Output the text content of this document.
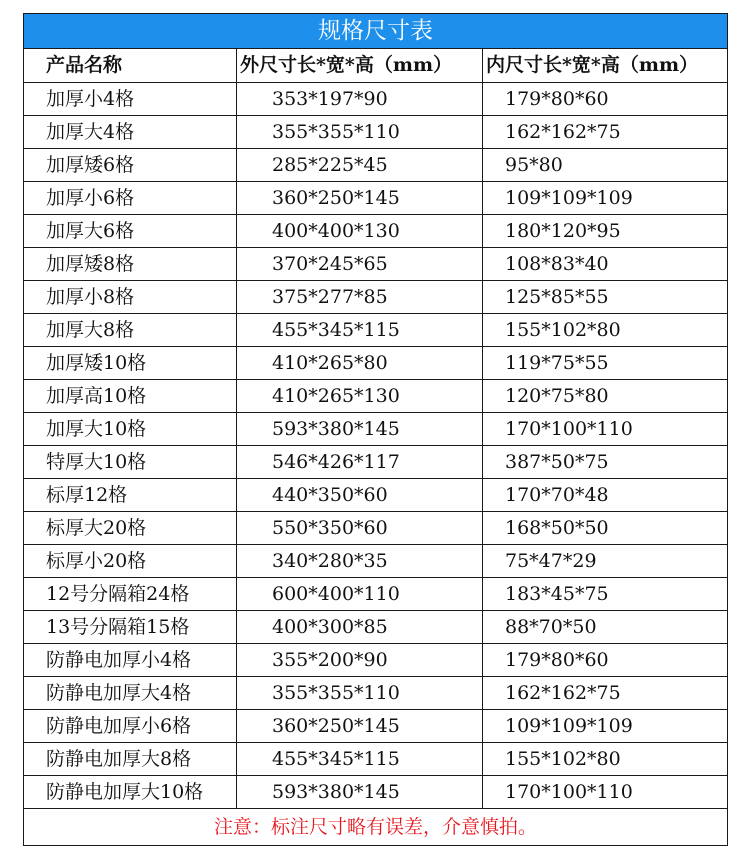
规格尺寸表		
产品名称	外尺寸长*宽*高（mm）	内尺寸长*宽*高（mm）
加厚小4格	353*197*90	179*80*60
加厚大4格	355*355*110	162*162*75
加厚矮6格	285*225*45	95*80
加厚小6格	360*250*145	109*109*109
加厚大6格	400*400*130	180*120*95
加厚矮8格	370*245*65	108*83*40
加厚小8格	375*277*85	125*85*55
加厚大8格	455*345*115	155*102*80
加厚矮10格	410*265*80	119*75*55
加厚高10格	410*265*130	120*75*80
加厚大10格	593*380*145	170*100*110
特厚大10格	546*426*117	387*50*75
标厚12格	440*350*60	170*70*48
标厚大20格	550*350*60	168*50*50
标厚小20格	340*280*35	75*47*29
12号分隔箱24格	600*400*110	183*45*75
13号分隔箱15格	400*300*85	88*70*50
防静电加厚小4格	355*200*90	179*80*60
防静电加厚大4格	355*355*110	162*162*75
防静电加厚小6格	360*250*145	109*109*109
防静电加厚大8格	455*345*115	155*102*80
防静电加厚大10格	593*380*145	170*100*110
注意：标注尺寸略有误差，介意慎拍。		
